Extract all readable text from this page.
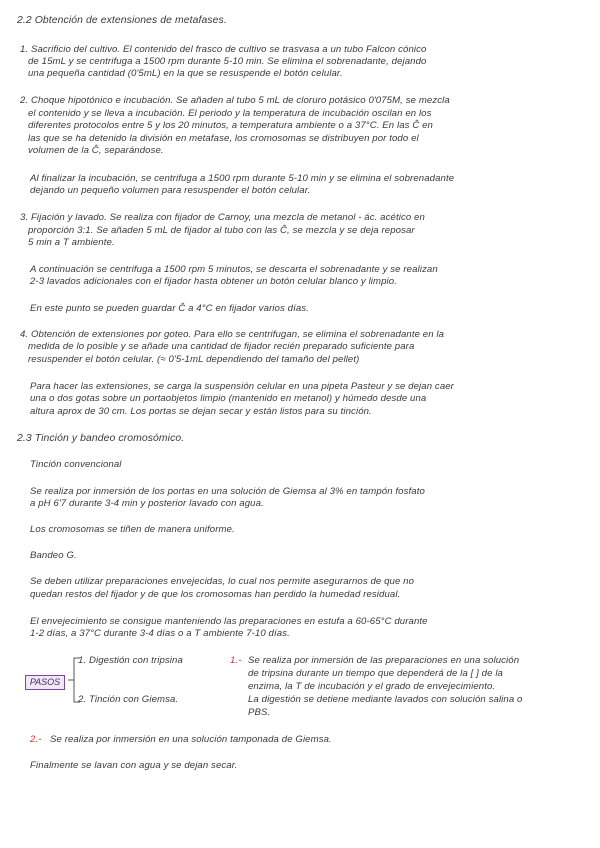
2.2 Obtención de extensiones de metafases.

1. Sacrificio del cultivo. El contenido del frasco de cultivo se trasvasa a un tubo Falcon cónico

de 15mL y se centrifuga a 1500 rpm durante 5-10 min. Se elimina el sobrenadante, dejando

una pequeña cantidad (0'5mL) en la que se resuspende el botón celular.

2. Choque hipotónico e incubación. Se añaden al tubo 5 mL de cloruro potásico 0'075M, se mezcla

el contenido y se lleva a incubación. El periodo y la temperatura de incubación oscilan en los

diferentes protocolos entre 5 y los 20 minutos, a temperatura ambiente o a 37°C. En las Ĉ en

las que se ha detenido la división en metafase, los cromosomas se distribuyen por todo el

volumen de la Ĉ, separándose.

Al finalizar la incubación, se centrifuga a 1500 rpm durante 5-10 min y se elimina el sobrenadante

dejando un pequeño volumen para resuspender el botón celular.

3. Fijación y lavado. Se realiza con fijador de Carnoy, una mezcla de metanol - ác. acético en

proporción 3:1. Se añaden 5 mL de fijador al tubo con las Ĉ, se mezcla y se deja reposar

5 min a T ambiente.

A continuación se centrifuga a 1500 rpm 5 minutos, se descarta el sobrenadante y se realizan

2-3 lavados adicionales con el fijador hasta obtener un botón celular blanco y limpio.

En este punto se pueden guardar Ĉ a 4°C en fijador varios días.

4. Obtención de extensiones por goteo. Para ello se centrifugan, se elimina el sobrenadante en la

medida de lo posible y se añade una cantidad de fijador recién preparado suficiente para

resuspender el botón celular. (≈ 0'5-1mL dependiendo del tamaño del pellet)

Para hacer las extensiones, se carga la suspensión celular en una pipeta Pasteur y se dejan caer

una o dos gotas sobre un portaobjetos limpio (mantenido en metanol) y húmedo desde una

altura aprox de 30 cm. Los portas se dejan secar y están listos para su tinción.

2.3 Tinción y bandeo cromosómico.

Tinción convencional

Se realiza por inmersión de los portas en una solución de Giemsa al 3% en tampón fosfato

a pH 6'7 durante 3-4 min y posterior lavado con agua.

Los cromosomas se tiñen de manera uniforme.

Bandeo G.

Se deben utilizar preparaciones envejecidas, lo cual nos permite asegurarnos de que no

quedan restos del fijador y de que los cromosomas han perdido la humedad residual.

El envejecimiento se consigue manteniendo las preparaciones en estufa a 60-65°C durante

1-2 días, a 37°C durante 3-4 días o a T ambiente 7-10 días.

PASOS

1. Digestión con tripsina

2. Tinción con Giemsa.

1.- Se realiza por inmersión de las preparaciones en una solución

de tripsina durante un tiempo que dependerá de la [ ] de la

enzima, la T de incubación y el grado de envejecimiento.

La digestión se detiene mediante lavados con solución salina o

PBS.

2.- Se realiza por inmersión en una solución tamponada de Giemsa.

Finalmente se lavan con agua y se dejan secar.
